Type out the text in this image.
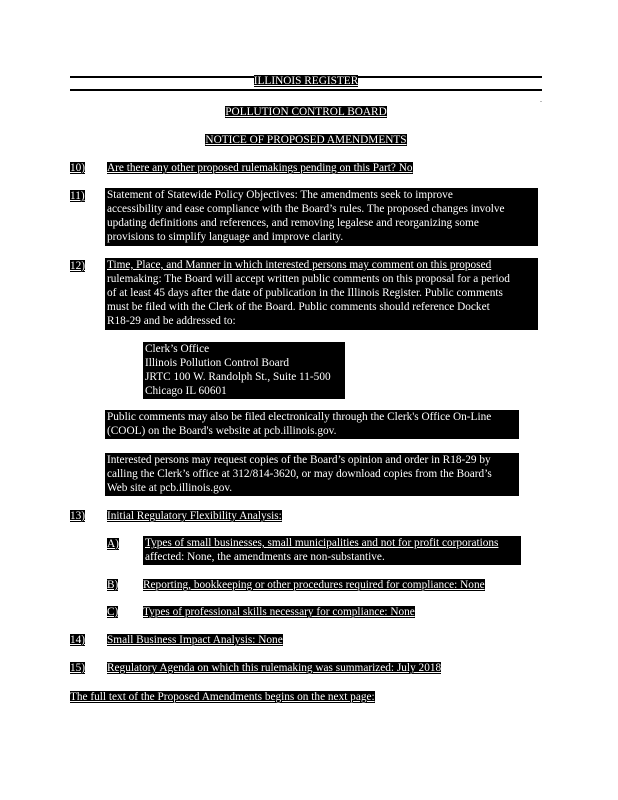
ILLINOIS REGISTER
POLLUTION CONTROL BOARD
NOTICE OF PROPOSED AMENDMENTS
10) Are there any other proposed rulemakings pending on this Part? No
11) Statement of Statewide Policy Objectives: The amendments seek to improve
accessibility and ease compliance with the Board’s rules. The proposed changes involve
updating definitions and references, and removing legalese and reorganizing some
provisions to simplify language and improve clarity.
12) Time, Place, and Manner in which interested persons may comment on this proposed
rulemaking: The Board will accept written public comments on this proposal for a period
of at least 45 days after the date of publication in the Illinois Register. Public comments
must be filed with the Clerk of the Board. Public comments should reference Docket
R18-29 and be addressed to:
Clerk’s Office
Illinois Pollution Control Board
JRTC 100 W. Randolph St., Suite 11-500
Chicago IL 60601
Public comments may also be filed electronically through the Clerk's Office On-Line
(COOL) on the Board's website at pcb.illinois.gov.
Interested persons may request copies of the Board’s opinion and order in R18-29 by
calling the Clerk’s office at 312/814-3620, or may download copies from the Board’s
Web site at pcb.illinois.gov.
13) Initial Regulatory Flexibility Analysis:
A) Types of small businesses, small municipalities and not for profit corporations
affected: None, the amendments are non-substantive.
B) Reporting, bookkeeping or other procedures required for compliance: None
C) Types of professional skills necessary for compliance: None
14) Small Business Impact Analysis: None
15) Regulatory Agenda on which this rulemaking was summarized: July 2018
The full text of the Proposed Amendments begins on the next page:
